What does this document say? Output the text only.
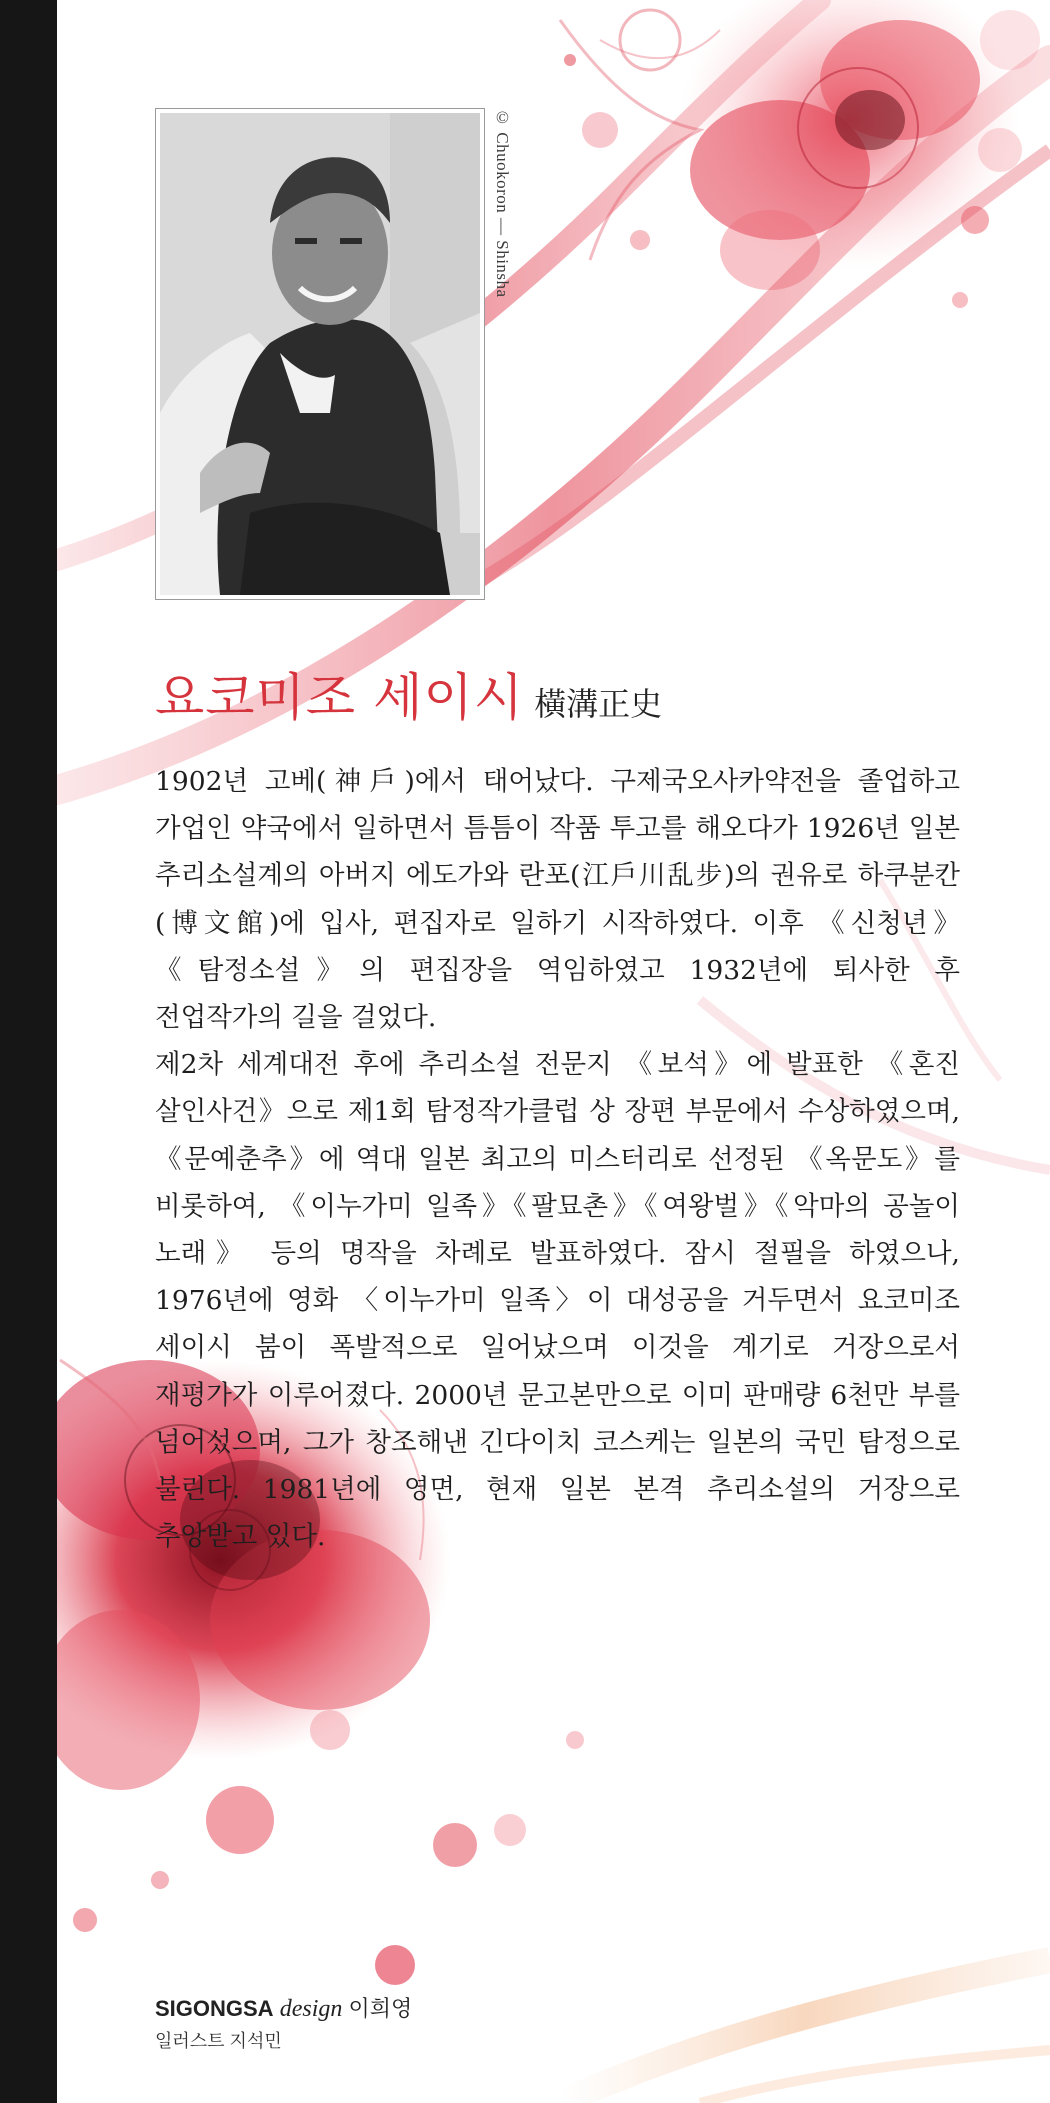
© Chuokoron — Shinsha
요코미조 세이시 橫溝正史

1902년 고베(神戶)에서 태어났다. 구제국오사카약전을 졸업하고 가업인 약국에서 일하면서 틈틈이 작품 투고를 해오다가 1926년 일본 추리소설계의 아버지 에도가와 란포(江戶川乱步)의 권유로 하쿠분칸(博文館)에 입사, 편집자로 일하기 시작하였다. 이후 《신청년》《탐정소설》의 편집장을 역임하였고 1932년에 퇴사한 후 전업작가의 길을 걸었다.

제2차 세계대전 후에 추리소설 전문지 《보석》에 발표한 《혼진 살인사건》으로 제1회 탐정작가클럽 상 장편 부문에서 수상하였으며, 《문예춘추》에 역대 일본 최고의 미스터리로 선정된 《옥문도》를 비롯하여, 《이누가미 일족》《팔묘촌》《여왕벌》《악마의 공놀이 노래》 등의 명작을 차례로 발표하였다. 잠시 절필을 하였으나, 1976년에 영화 〈이누가미 일족〉이 대성공을 거두면서 요코미조 세이시 붐이 폭발적으로 일어났으며 이것을 계기로 거장으로서 재평가가 이루어졌다. 2000년 문고본만으로 이미 판매량 6천만 부를 넘어섰으며, 그가 창조해낸 긴다이치 코스케는 일본의 국민 탐정으로 불린다. 1981년에 영면, 현재 일본 본격 추리소설의 거장으로 추앙받고 있다.

SIGONGSA design 이희영
일러스트 지석민
